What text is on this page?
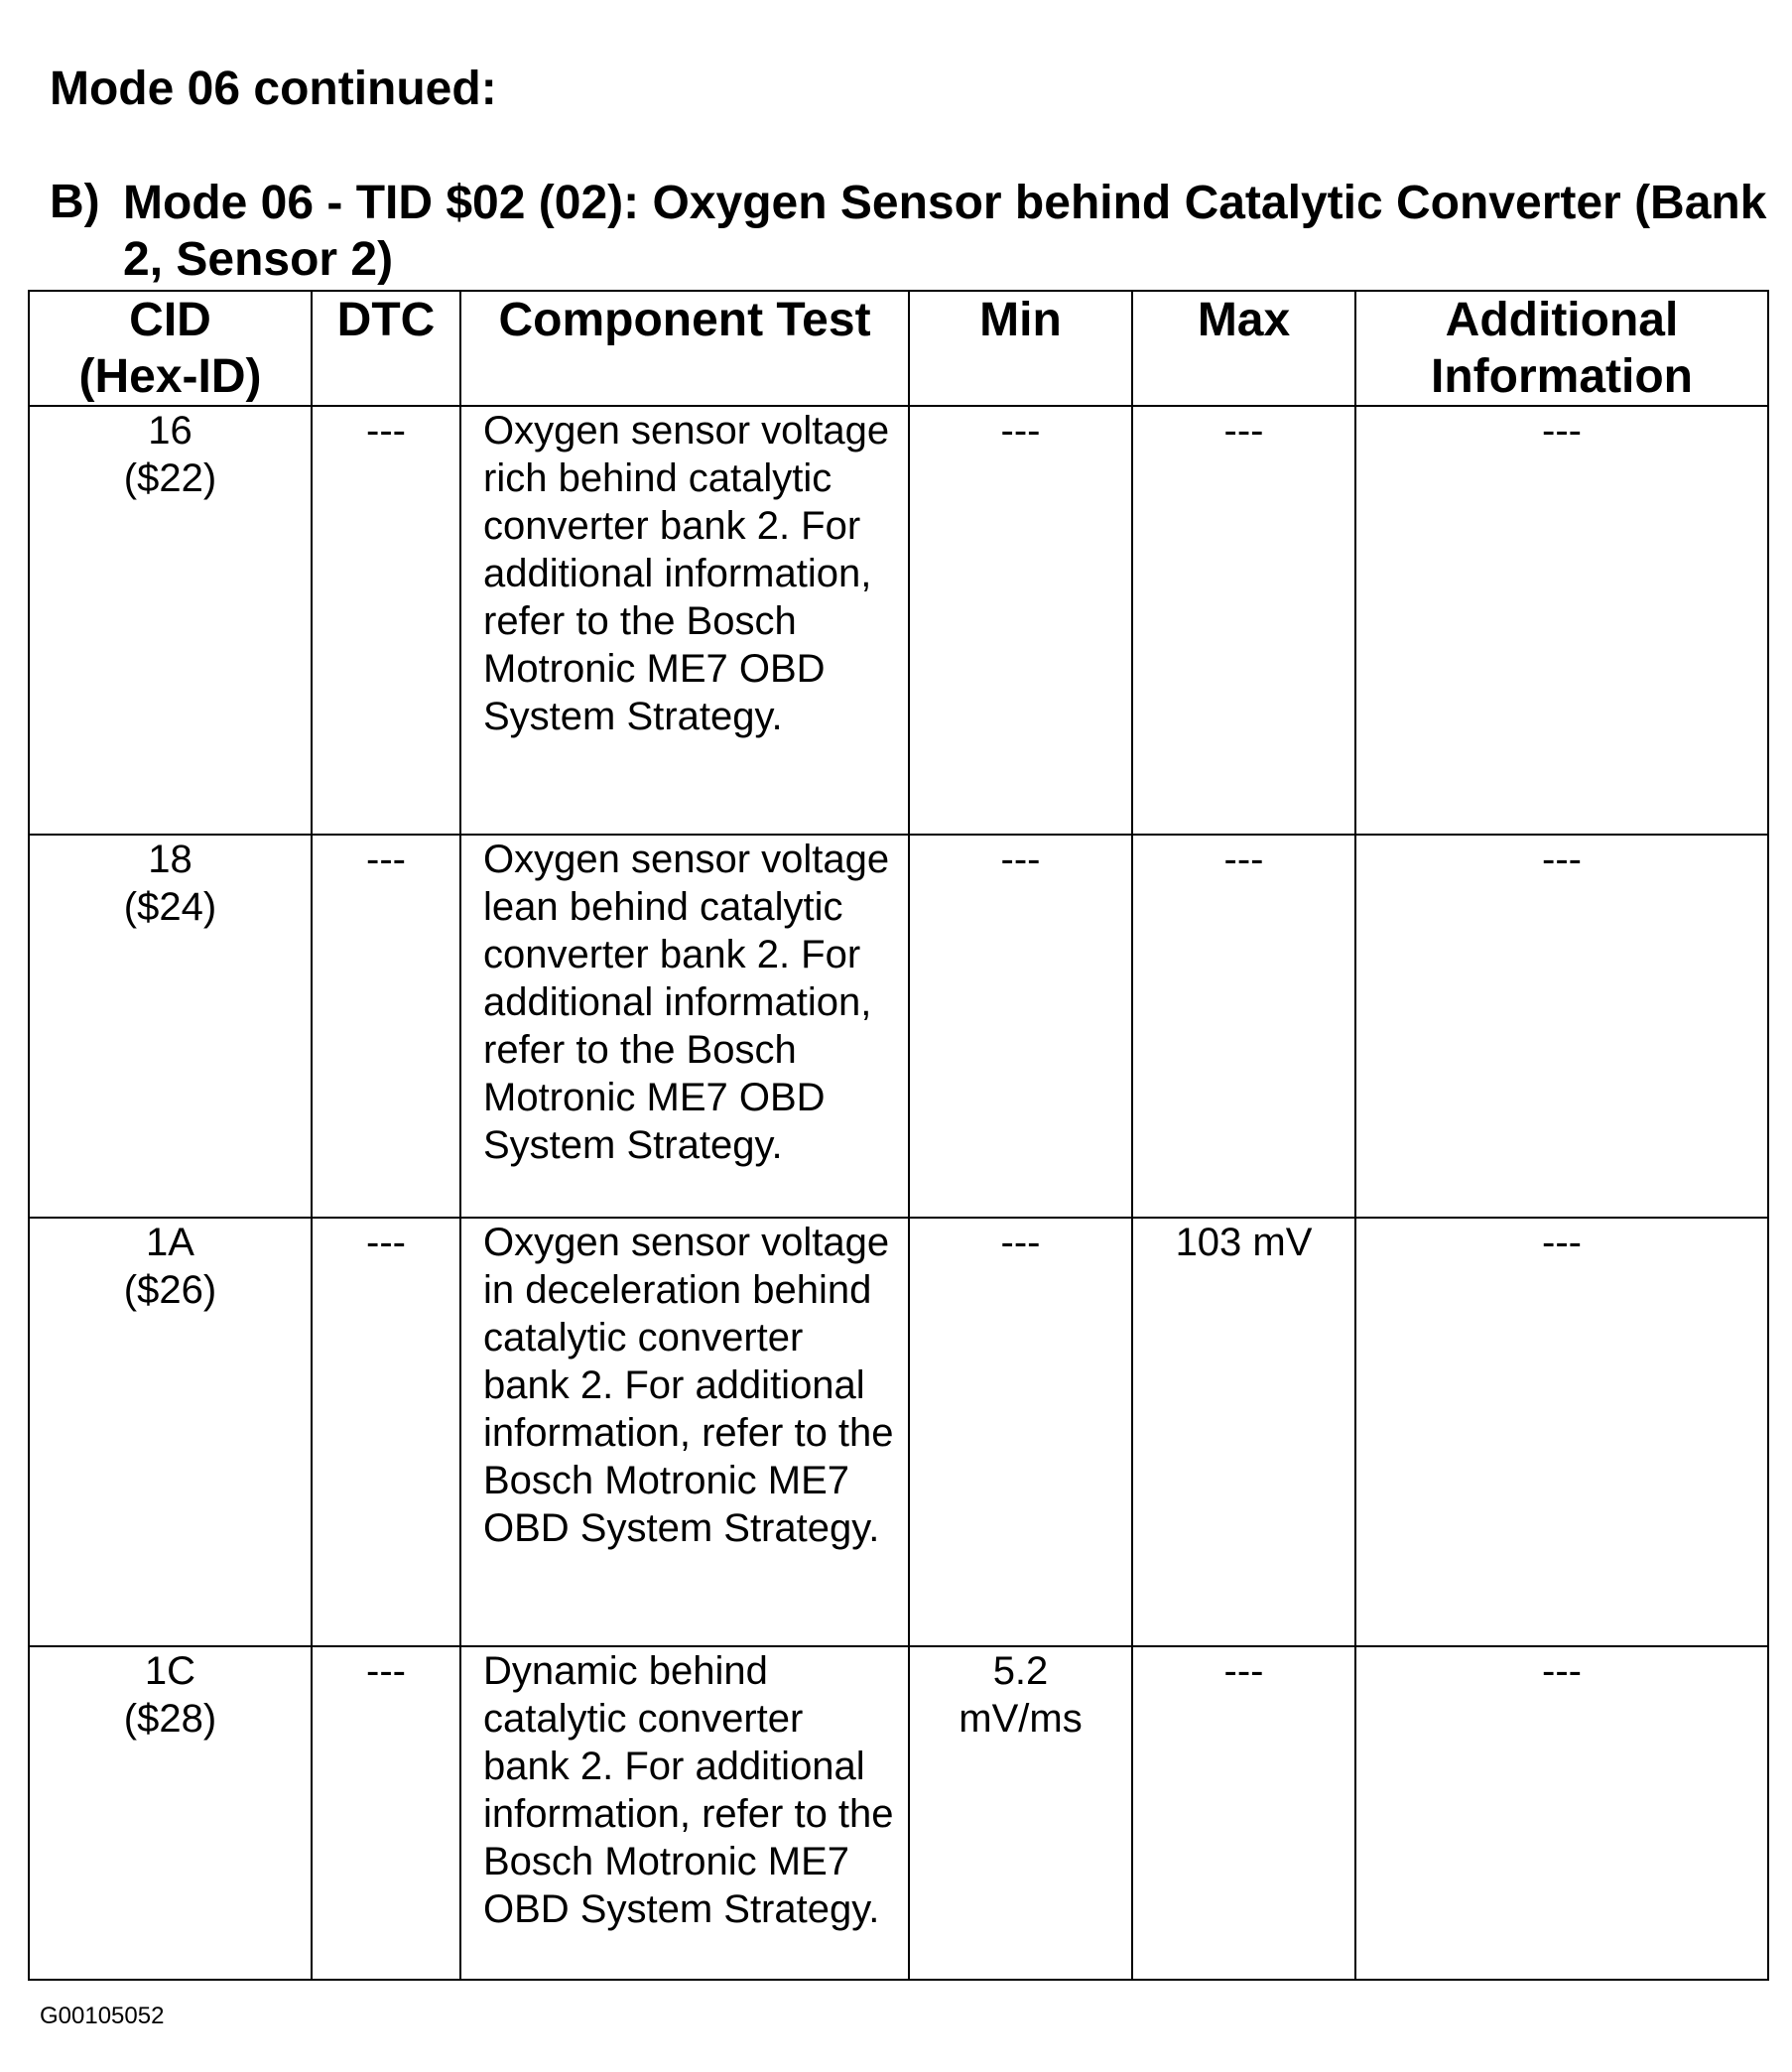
Mode 06 continued:
B) Mode 06 - TID $02 (02): Oxygen Sensor behind Catalytic Converter (Bank 2, Sensor 2)
CID
(Hex-ID)	DTC	Component Test	Min	Max	Additional
Information

16
($22)	---	Oxygen sensor voltage rich behind catalytic converter bank 2. For additional information, refer to the Bosch Motronic ME7 OBD System Strategy.	---	---	---

18
($24)	---	Oxygen sensor voltage lean behind catalytic converter bank 2. For additional information, refer to the Bosch Motronic ME7 OBD System Strategy.	---	---	---

1A
($26)	---	Oxygen sensor voltage in deceleration behind catalytic converter bank 2. For additional information, refer to the Bosch Motronic ME7 OBD System Strategy.	---	103 mV	---

1C
($28)	---	Dynamic behind catalytic converter bank 2. For additional information, refer to the Bosch Motronic ME7 OBD System Strategy.	5.2
mV/ms	---	---
G00105052
